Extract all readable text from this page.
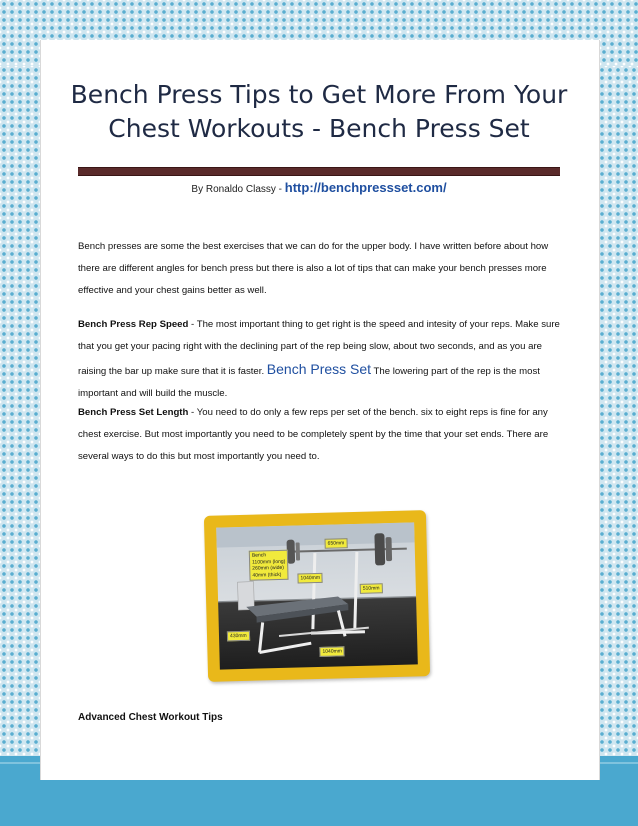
Bench Press Tips to Get More From Your
Chest Workouts - Bench Press Set
By Ronaldo Classy - http://benchpressset.com/
Bench presses are some the best exercises that we can do for the upper body. I have written before about how there are different angles for bench press but there is also a lot of tips that can make your bench presses more effective and your chest gains better as well.
Bench Press Rep Speed - The most important thing to get right is the speed and intesity of your reps. Make sure that you get your pacing right with the declining part of the rep being slow, about two seconds, and as you are raising the bar up make sure that it is faster. Bench Press Set The lowering part of the rep is the most important and will build the muscle.
Bench Press Set Length - You need to do only a few reps per set of the bench. six to eight reps is fine for any chest exercise. But most importantly you need to be completely spent by the time that your set ends. There are several ways to do this but most importantly you need to.
650mm
1040mm
510mm
430mm
1040mm
Bench
1100mm (long)
260mm (wide)
40mm (thick)
Advanced Chest Workout Tips
